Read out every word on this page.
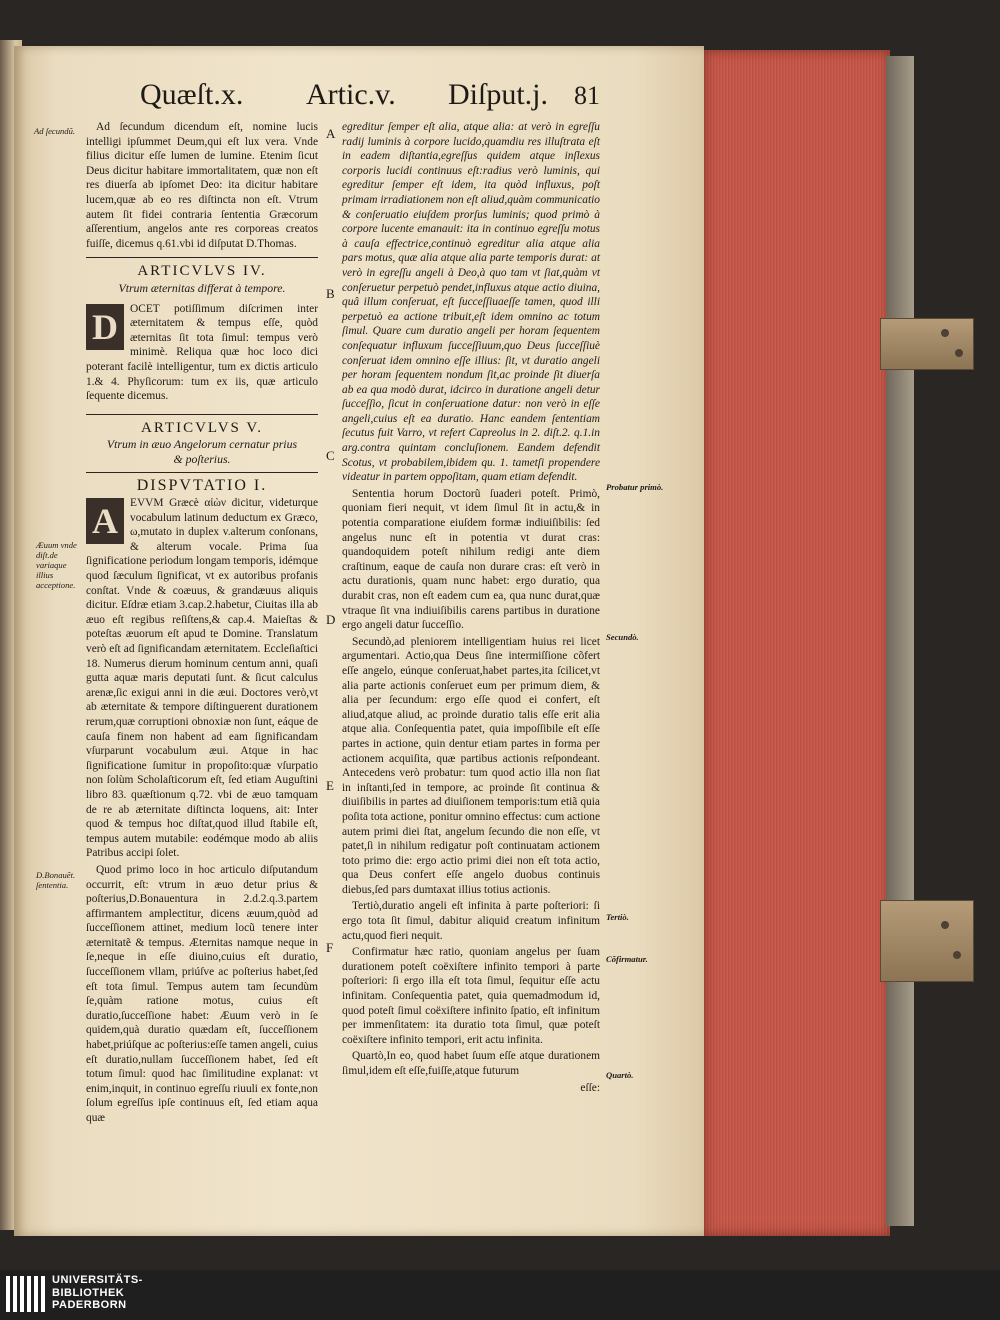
Quæſt.x. Artic.v. Diſput.j. 81
Ad ſecundũ.
Æuum vnde diſt.de variaque illius acceptione.
D.Bonauẽt. ſententia.

Ad ſecundum dicendum eſt, nomine lucis intelligi ipſummet Deum,qui eſt lux vera. Vnde filius dicitur eſſe lumen de lumine. Etenim ſicut Deus dicitur habitare immortalitatem, quæ non eſt res diuerſa ab ipſomet Deo: ita dicitur habitare lucem,quæ ab eo res diſtincta non eſt. Vtrum autem ſit fidei contraria ſententia Græcorum aſſerentium, angelos ante res corporeas creatos fuiſſe, dicemus q.61.vbi id diſputat D.Thomas.

ARTICVLVS IV.
Vtrum æternitas differat à tempore.
D	OCET potiſſimum diſcrimen inter æternitatem & tempus eſſe, quòd æternitas ſit tota ſimul: tempus verò minimè. Reliqua quæ hoc loco dici poterant facilè intelligentur, tum ex dictis articulo 1.& 4. Phyſicorum: tum ex iis, quæ articulo ſequente dicemus.
ARTICVLVS V.
Vtrum in æuo Angelorum cernatur prius
& poſterius.
DISPVTATIO I.
A	EVVM Græcè αἰὼν dicitur, videturque vocabulum latinum deductum ex Græco, ω,mutato in duplex v.alterum conſonans, & alterum vocale. Prima ſua ſignificatione periodum longam temporis, idémque quod ſæculum ſignificat, vt ex autoribus profanis conſtat. Vnde & coæuus, & grandæuus aliquis dicitur. Eſdræ etiam 3.cap.2.habetur, Ciuitas illa ab æuo eſt regibus reſiſtens,& cap.4. Maieſtas & poteſtas æuorum eſt apud te Domine. Translatum verò eſt ad ſignificandam æternitatem. Eccleſiaſtici 18. Numerus dierum hominum centum anni, quaſi gutta aquæ maris deputati ſunt. & ſicut calculus arenæ,ſic exigui anni in die æui. Doctores verò,vt ab æternitate & tempore diſtinguerent durationem rerum,quæ corruptioni obnoxiæ non ſunt, eáque de cauſa finem non habent ad eam ſignificandam vſurparunt vocabulum æui. Atque in hac ſignificatione ſumitur in propoſito:quæ vſurpatio non ſolùm Scholaſticorum eſt, ſed etiam Auguſtini libro 83. quæſtionum q.72. vbi de æuo tamquam de re ab æternitate diſtincta loquens, ait: Inter quod & tempus hoc diſtat,quod illud ſtabile eſt, tempus autem mutabile: eodémque modo ab aliis Patribus accipi ſolet.

Quod primo loco in hoc articulo diſputandum occurrit, eſt: vtrum in æuo detur prius & poſterius,D.Bonauentura in 2.d.2.q.3.partem affirmantem amplectitur, dicens æuum,quòd ad ſucceſſionem attinet, medium locũ tenere inter æternitatẽ & tempus. Æternitas namque neque in ſe,neque in eſſe diuino,cuius eſt duratio, ſucceſſionem vllam, priúſve ac poſterius habet,ſed eſt tota ſimul. Tempus autem tam ſecundùm ſe,quàm ratione motus, cuius eſt duratio,ſucceſſione habet: Æuum verò in ſe quidem,quà duratio quædam eſt, ſucceſſionem habet,priúſque ac poſterius:eſſe tamen angeli, cuius eſt duratio,nullam ſucceſſionem habet, ſed eſt totum ſimul: quod hac ſimilitudine explanat: vt enim,inquit, in continuo egreſſu riuuli ex fonte,non ſolum egreſſus ipſe continuus eſt, ſed etiam aqua quæ

A
B
C
D
E
F

egreditur ſemper eſt alia, atque alia: at verò in egreſſu radij luminis à corpore lucido,quamdiu res illuſtrata eſt in eadem diſtantia,egreſſus quidem atque inſlexus corporis lucidi continuus eſt:radius verò luminis, qui egreditur ſemper eſt idem, ita quòd influxus, poſt primam irradiationem non eſt aliud,quàm communicatio & conſeruatio eiuſdem prorſus luminis; quod primò à corpore lucente emanauit: ita in continuo egreſſu motus à cauſa effectrice,continuò egreditur alia atque alia pars motus, quæ alia atque alia parte temporis durat: at verò in egreſſu angeli à Deo,à quo tam vt ſiat,quàm vt conſeruetur perpetuò pendet,influxus atque actio diuina, quâ illum conſeruat, eſt ſucceſſiuaeſſe tamen, quod illi perpetuò ea actione tribuit,eſt idem omnino ac totum ſimul. Quare cum duratio angeli per horam ſequentem conſequatur influxum ſucceſſiuum,quo Deus ſucceſſiuè conſeruat idem omnino eſſe illius: ſit, vt duratio angeli per horam ſequentem nondum ſit,ac proinde ſit diuerſa ab ea qua modò durat, idcirco in duratione angeli detur ſucceſſio, ſicut in conſeruatione datur: non verò in eſſe angeli,cuius eſt ea duratio. Hanc eandem ſententiam ſecutus fuit Varro, vt refert Capreolus in 2. diſt.2. q.1.in arg.contra quintam concluſionem. Eandem defendit Scotus, vt probabilem,ibidem qu. 1. tametſi propendere videatur in partem oppoſitam, quam etiam defendit.

Sententia horum Doctorũ ſuaderi poteſt. Primò, quoniam fieri nequit, vt idem ſimul ſit in actu,& in potentia comparatione eiuſdem formæ indiuiſibilis: ſed angelus nunc eſt in potentia vt durat cras: quandoquidem poteſt nihilum redigi ante diem craſtinum, eaque de cauſa non durare cras: eſt verò in actu durationis, quam nunc habet: ergo duratio, qua durabit cras, non eſt eadem cum ea, qua nunc durat,quæ vtraque ſit vna indiuiſibilis carens partibus in duratione ergo angeli datur ſucceſſio.

Secundò,ad pleniorem intelligentiam huius rei licet argumentari. Actio,qua Deus ſine intermiſſione cõfert eſſe angelo, eúnque conſeruat,habet partes,ita ſcilicet,vt alia parte actionis conſeruet eum per primum diem, & alia per ſecundum: ergo eſſe quod ei confert, eſt aliud,atque aliud, ac proinde duratio talis eſſe erit alia atque alia. Conſequentia patet, quia impoſſibile eſt eſſe partes in actione, quin dentur etiam partes in forma per actionem acquiſita, quæ partibus actionis reſpondeant. Antecedens verò probatur: tum quod actio illa non ſiat in inſtanti,ſed in tempore, ac proinde ſit continua & diuiſibilis in partes ad diuiſionem temporis:tum etiã quia poſita tota actione, ponitur omnino effectus: cum actione autem primi diei ſtat, angelum ſecundo die non eſſe, vt patet,ſi in nihilum redigatur poſt continuatam actionem toto primo die: ergo actio primi diei non eſt tota actio, qua Deus confert eſſe angelo duobus continuis diebus,ſed pars dumtaxat illius totius actionis.

Tertiò,duratio angeli eſt infinita à parte poſteriori: ſi ergo tota ſit ſimul, dabitur aliquid creatum infinitum actu,quod fieri nequit.

Confirmatur hæc ratio, quoniam angelus per ſuam durationem poteſt coëxiſtere infinito tempori à parte poſteriori: ſi ergo illa eſt tota ſimul, ſequitur eſſe actu infinitam. Conſequentia patet, quia quemadmodum id, quod poteſt ſimul coëxiſtere infinito ſpatio, eſt infinitum per immenſitatem: ita duratio tota ſimul, quæ poteſt coëxiſtere infinito tempori, erit actu infinita.

Quartò,In eo, quod habet ſuum eſſe atque durationem ſimul,idem eſt eſſe,fuiſſe,atque futurum

eſſe:
Probatur primò.
Secundò.
Tertiò.
Cõfirmatur.
Quartò.
UNIVERSITÄTS-
BIBLIOTHEK
PADERBORN
